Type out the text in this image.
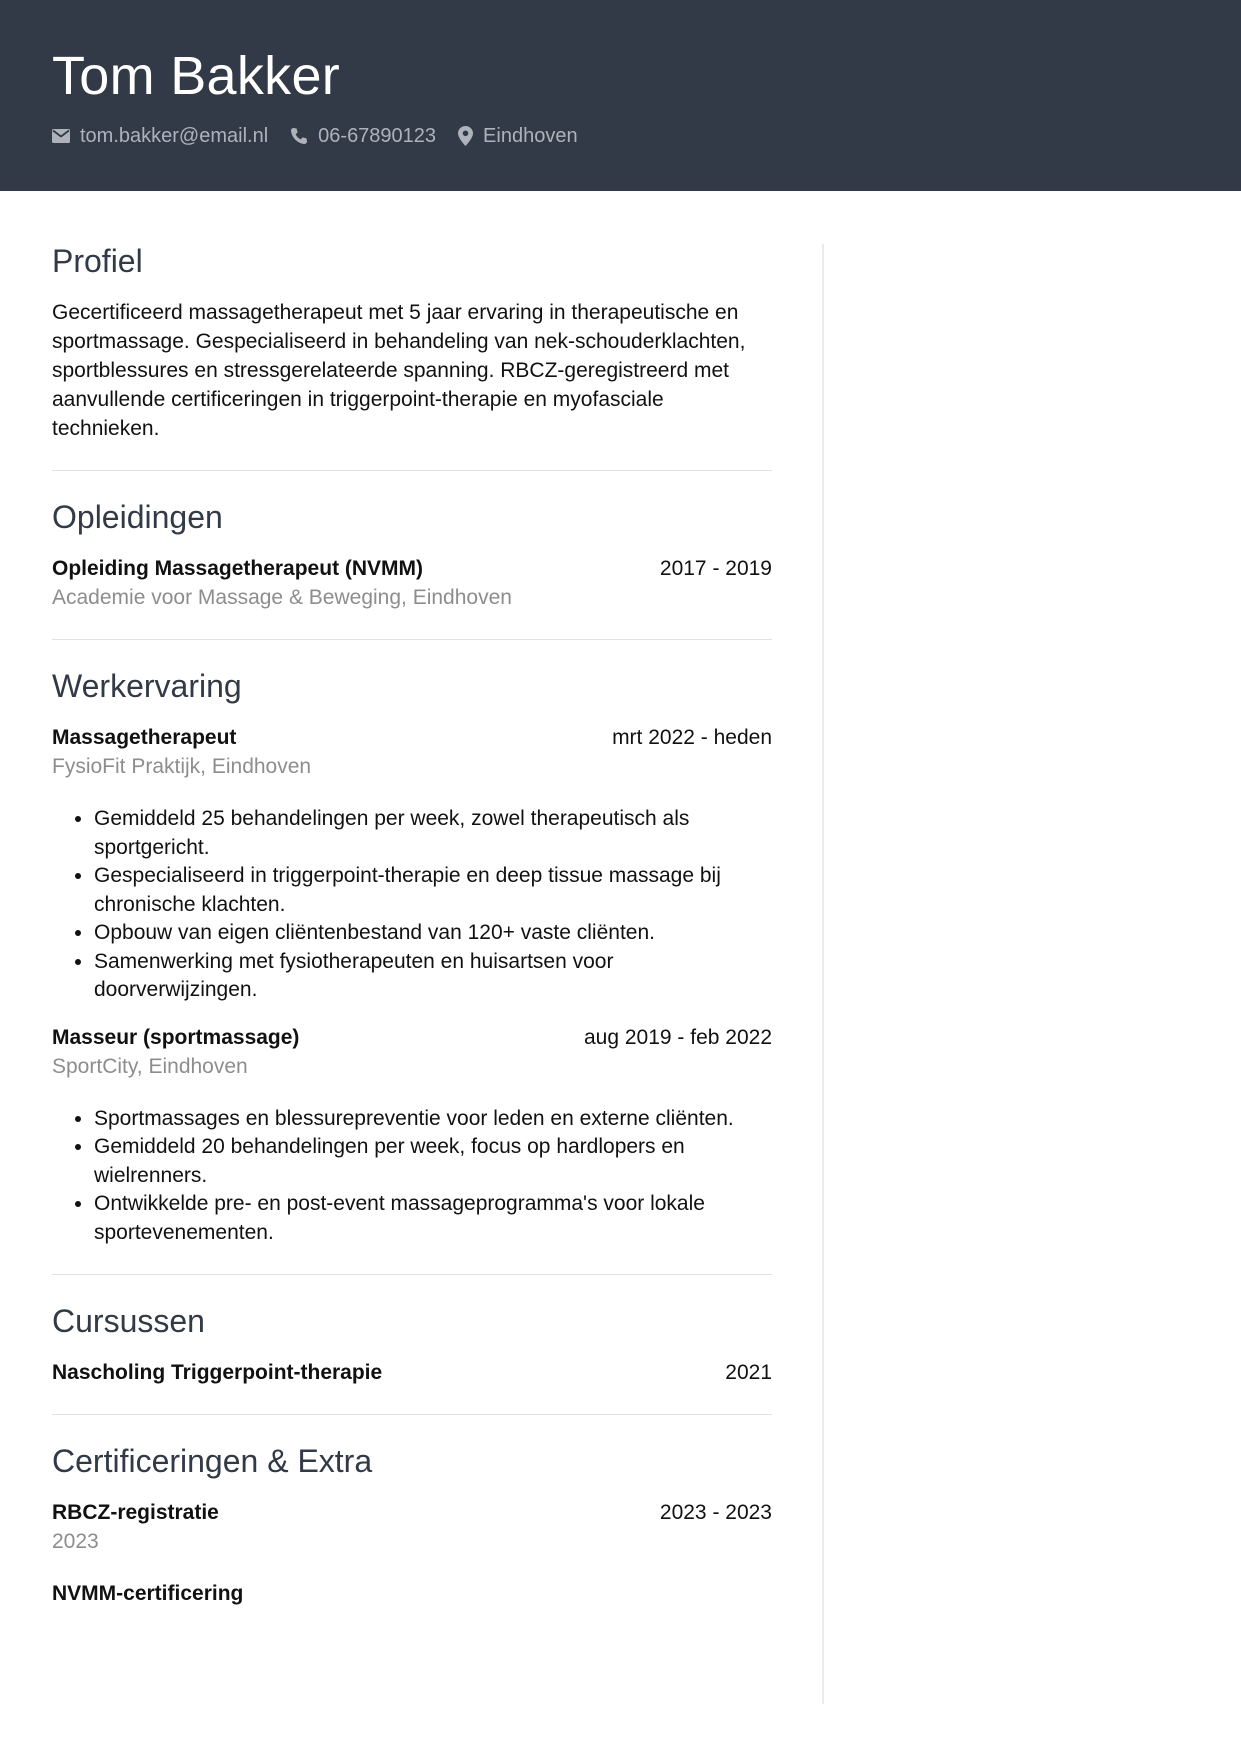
Tom Bakker
tom.bakker@email.nl	06-67890123 Eindhoven
Profiel
Gecertificeerd massagetherapeut met 5 jaar ervaring in therapeutische en sportmassage. Gespecialiseerd in behandeling van nek-schouderklachten, sportblessures en stressgerelateerde spanning. RBCZ-geregistreerd met aanvullende certificeringen in triggerpoint-therapie en myofasciale technieken.
Opleidingen
Opleiding Massagetherapeut (NVMM)	2017 - 2019
Academie voor Massage & Beweging, Eindhoven
Werkervaring
Massagetherapeut	mrt 2022 - heden
FysioFit Praktijk, Eindhoven
• Gemiddeld 25 behandelingen per week, zowel therapeutisch als sportgericht.
• Gespecialiseerd in triggerpoint-therapie en deep tissue massage bij chronische klachten.
• Opbouw van eigen cliëntenbestand van 120+ vaste cliënten.
• Samenwerking met fysiotherapeuten en huisartsen voor doorverwijzingen.
Masseur (sportmassage)	aug 2019 - feb 2022
SportCity, Eindhoven
• Sportmassages en blessurepreventie voor leden en externe cliënten.
• Gemiddeld 20 behandelingen per week, focus op hardlopers en wielrenners.
• Ontwikkelde pre- en post-event massageprogramma's voor lokale sportevenementen.
Cursussen
Nascholing Triggerpoint-therapie	2021
Certificeringen & Extra
RBCZ-registratie	2023 - 2023
2023
NVMM-certificering
